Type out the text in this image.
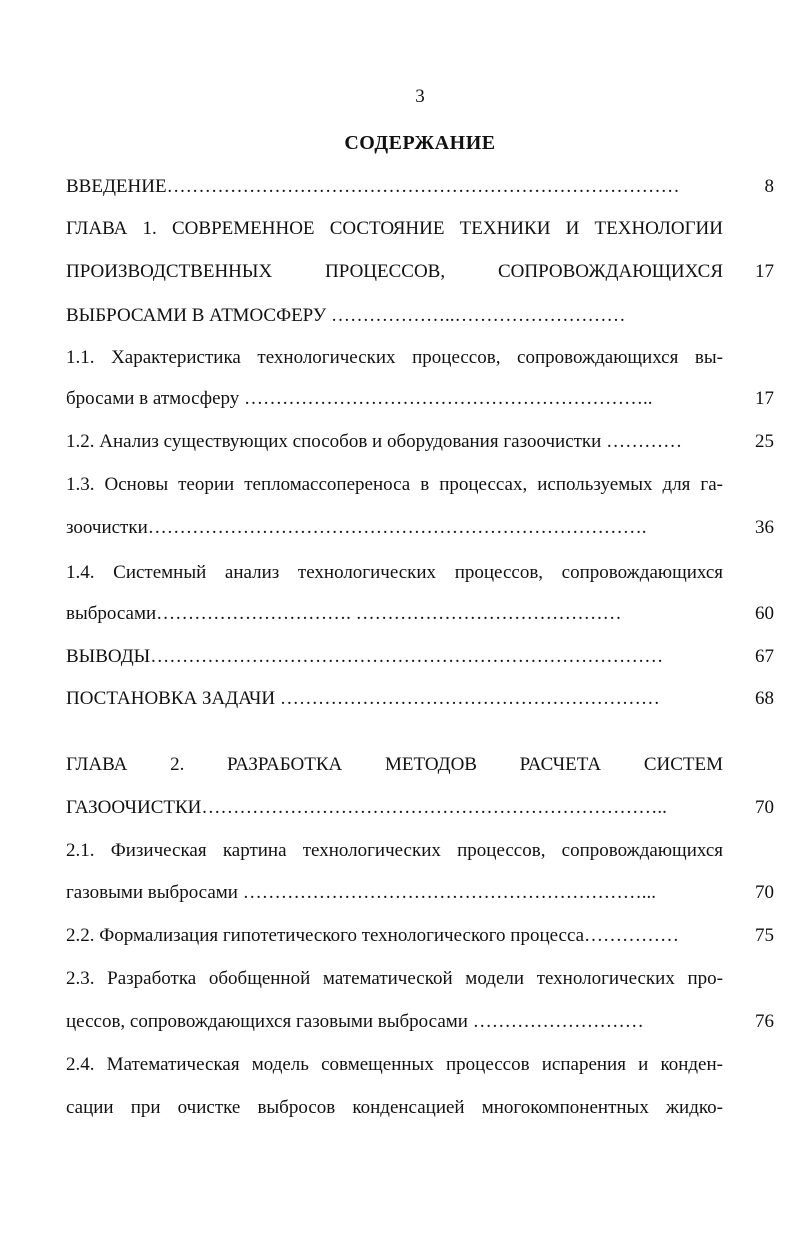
3
СОДЕРЖАНИЕ
ВВЕДЕНИЕ………………………………………………………………………	8
ГЛАВА 1. СОВРЕМЕННОЕ СОСТОЯНИЕ ТЕХНИКИ И ТЕХНОЛОГИИ
ПРОИЗВОДСТВЕННЫХ ПРОЦЕССОВ, СОПРОВОЖДАЮЩИХСЯ	17
ВЫБРОСАМИ В АТМОСФЕРУ ………………..………………………
1.1. Характеристика технологических процессов, сопровождающихся вы-
бросами в атмосферу ………………………………………………………..	17
1.2. Анализ существующих способов и оборудования газоочистки …………	25
1.3. Основы теории тепломассопереноса в процессах, используемых для га-
зоочистки…………………………………………………………………….	36
1.4. Системный анализ технологических процессов, сопровождающихся
выбросами…………………………. ……………………………………	60
ВЫВОДЫ………………………………………………………………………	67
ПОСТАНОВКА ЗАДАЧИ ……………………………………………………	68
ГЛАВА 2. РАЗРАБОТКА МЕТОДОВ РАСЧЕТА СИСТЕМ
ГАЗООЧИСТКИ………………………………………………………………..	70
2.1. Физическая картина технологических процессов, сопровождающихся
газовыми выбросами ………………………………………………………...	70
2.2. Формализация гипотетического технологического процесса……………	75
2.3. Разработка обобщенной математической модели технологических про-
цессов, сопровождающихся газовыми выбросами ………………………	76
2.4. Математическая модель совмещенных процессов испарения и конден-
сации при очистке выбросов конденсацией многокомпонентных жидко-
